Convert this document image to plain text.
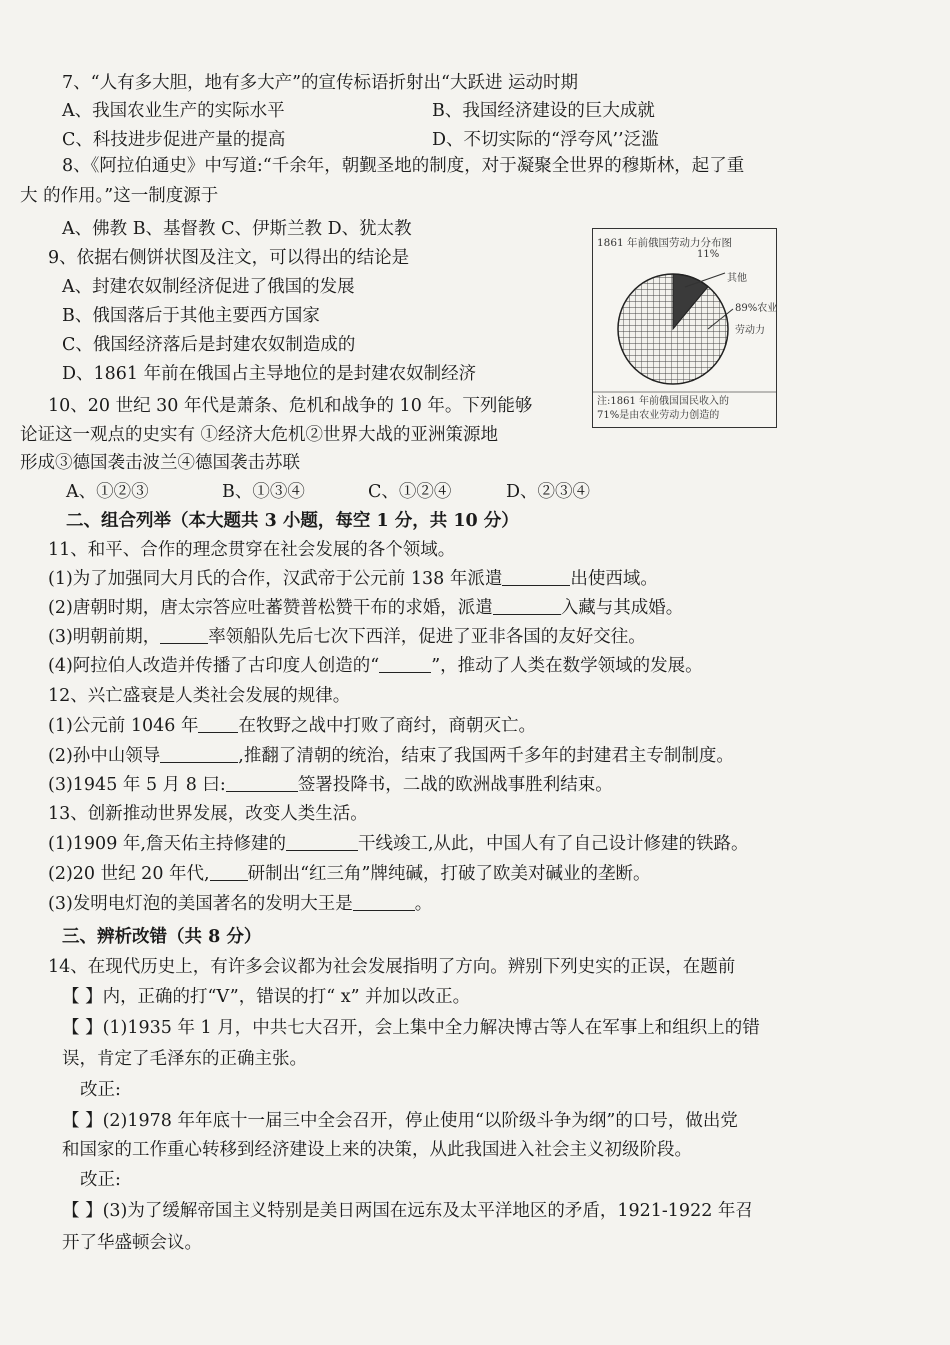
7、“人有多大胆，地有多大产”的宣传标语折射出“大跃进 运动时期
A、我国农业生产的实际水平	B、我国经济建设的巨大成就
C、科技进步促进产量的提高	D、不切实际的“浮夸风’’泛滥
8、《阿拉伯通史》中写道:“千余年，朝觐圣地的制度，对于凝聚全世界的穆斯林，起了重
大 的作用。”这一制度源于
A、佛教 B、基督教 C、伊斯兰教 D、犹太教
9、依据右侧饼状图及注文，可以得出的结论是
A、封建农奴制经济促进了俄国的发展
B、俄国落后于其他主要西方国家
C、俄国经济落后是封建农奴制造成的
D、1861 年前在俄国占主导地位的是封建农奴制经济
1861 年前俄国劳动力分布图
11%
其他
89%农业
劳动力
注:1861 年前俄国国民收入的
71%是由农业劳动力创造的
10、20 世纪 30 年代是萧条、危机和战争的 10 年。下列能够
论证这一观点的史实有 ①经济大危机②世界大战的亚洲策源地
形成③德国袭击波兰④德国袭击苏联
A、①②③	B、①③④	C、①②④	D、②③④
二、组合列举（本大题共 3 小题，每空 1 分，共 10 分）
11、和平、合作的理念贯穿在社会发展的各个领域。
(1)为了加强同大月氏的合作，汉武帝于公元前 138 年派遣	出使西域。
(2)唐朝时期，唐太宗答应吐蕃赞普松赞干布的求婚，派遣	入藏与其成婚。
(3)明朝前期，	率领船队先后七次下西洋，促进了亚非各国的友好交往。
(4)阿拉伯人改造并传播了古印度人创造的“	”，推动了人类在数学领域的发展。
12、兴亡盛衰是人类社会发展的规律。
(1)公元前 1046 年 在牧野之战中打败了商纣，商朝灭亡。
(2)孙中山领导	,推翻了清朝的统治，结束了我国两千多年的封建君主专制制度。
(3)1945 年 5 月 8 曰:	签署投降书，二战的欧洲战事胜利结束。
13、创新推动世界发展，改变人类生活。
(1)1909 年,詹天佑主持修建的	干线竣工,从此，中国人有了自己设计修建的铁路。
(2)20 世纪 20 年代, 研制出“红三角”牌纯碱，打破了欧美对碱业的垄断。
(3)发明电灯泡的美国著名的发明大王是	。
三、辨析改错（共 8 分）
14、在现代历史上，有许多会议都为社会发展指明了方向。辨别下列史实的正误，在题前
【 】内，正确的打“V”，错误的打“ x” 并加以改正。
【 】(1)1935 年 1 月，中共七大召开，会上集中全力解决博古等人在军事上和组织上的错
误，肯定了毛泽东的正确主张。
改正:
【 】(2)1978 年年底十一届三中全会召开，停止使用“以阶级斗争为纲”的口号，做出党
和国家的工作重心转移到经济建设上来的决策，从此我国进入社会主义初级阶段。
改正:
【 】(3)为了缓解帝国主义特别是美日两国在远东及太平洋地区的矛盾，1921-1922 年召
开了华盛顿会议。
